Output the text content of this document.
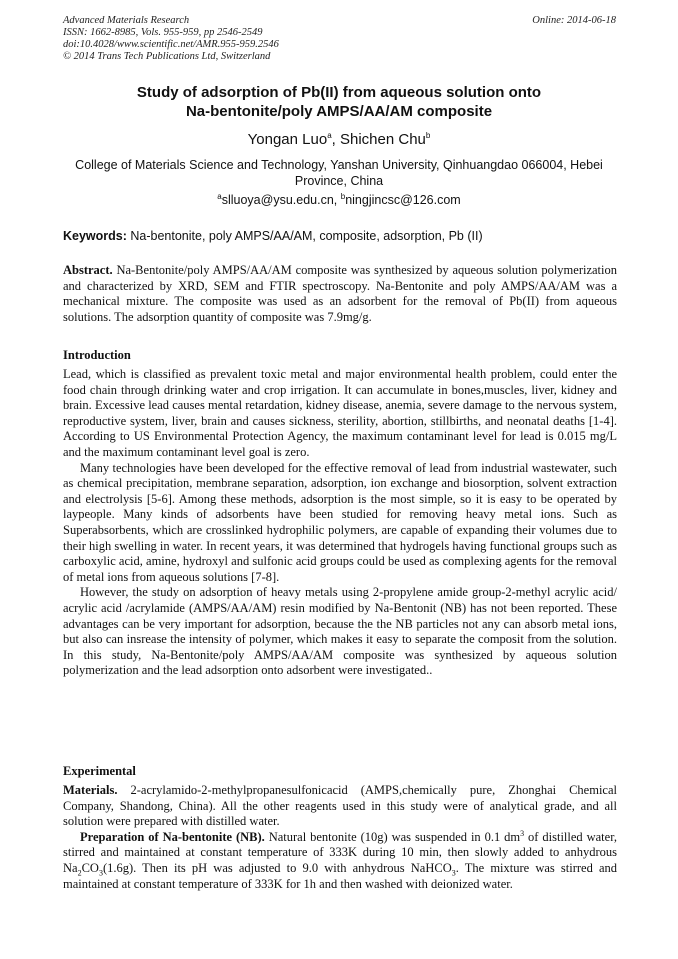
Advanced Materials Research
ISSN: 1662-8985, Vols. 955-959, pp 2546-2549
doi:10.4028/www.scientific.net/AMR.955-959.2546
© 2014 Trans Tech Publications Ltd, Switzerland
Online: 2014-06-18
Study of adsorption of Pb(II) from aqueous solution onto
Na-bentonite/poly AMPS/AA/AM composite
Yongan Luo$^a$, Shichen Chu$^b$
College of Materials Science and Technology, Yanshan University, Qinhuangdao 066004, Hebei Province, China
$^a$slluoya@ysu.edu.cn, $^b$ningjincsc@126.com
Keywords: Na-bentonite, poly AMPS/AA/AM, composite, adsorption, Pb (II)

Abstract. Na-Bentonite/poly AMPS/AA/AM composite was synthesized by aqueous solution polymerization and characterized by XRD, SEM and FTIR spectroscopy. Na-Bentonite and poly AMPS/AA/AM was a mechanical mixture. The composite was used as an adsorbent for the removal of Pb(II) from aqueous solutions. The adsorption quantity of composite was 7.9mg/g.

Introduction

Lead, which is classified as prevalent toxic metal and major environmental health problem, could enter the food chain through drinking water and crop irrigation. It can accumulate in bones,muscles, liver, kidney and brain. Excessive lead causes mental retardation, kidney disease, anemia, severe damage to the nervous system, reproductive system, liver, brain and causes sickness, sterility, abortion, stillbirths, and neonatal deaths [1-4]. According to US Environmental Protection Agency, the maximum contaminant level for lead is 0.015 mg/L and the maximum contaminant level goal is zero.

Many technologies have been developed for the effective removal of lead from industrial wastewater, such as chemical precipitation, membrane separation, adsorption, ion exchange and biosorption, solvent extraction and electrolysis [5-6]. Among these methods, adsorption is the most simple, so it is easy to be operated by laypeople. Many kinds of adsorbents have been studied for removing heavy metal ions. Such as Superabsorbents, which are crosslinked hydrophilic polymers, are capable of expanding their volumes due to their high swelling in water. In recent years, it was determined that hydrogels having functional groups such as carboxylic acid, amine, hydroxyl and sulfonic acid groups could be used as complexing agents for the removal of metal ions from aqueous solutions [7-8].

However, the study on adsorption of heavy metals using 2-propylene amide group-2-methyl acrylic acid/ acrylic acid /acrylamide (AMPS/AA/AM) resin modified by Na-Bentonit (NB) has not been reported. These advantages can be very important for adsorption, because the the NB particles not any can absorb metal ions, but also can insrease the intensity of polymer, which makes it easy to separate the composit from the solution. In this study, Na-Bentonite/poly AMPS/AA/AM composite was synthesized by aqueous solution polymerization and the lead adsorption onto adsorbent were investigated..

Experimental

Materials. 2-acrylamido-2-methylpropanesulfonicacid (AMPS,chemically pure, Zhonghai Chemical Company, Shandong, China). All the other reagents used in this study were of analytical grade, and all solution were prepared with distilled water.

Preparation of Na-bentonite (NB). Natural bentonite (10g) was suspended in 0.1 $dm^3$ of distilled water, stirred and maintained at constant temperature of 333K during 10 min, then slowly added to anhydrous $Na_2CO_3(1.6g)$. Then its pH was adjusted to 9.0 with anhydrous NaHCO$_3$. The mixture was stirred and maintained at constant temperature of 333K for 1h and then washed with deionized water.
